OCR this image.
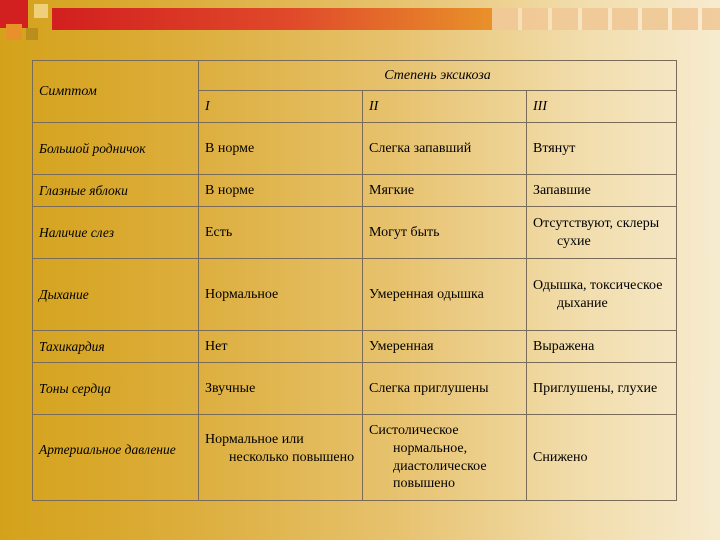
Симптом	Степень эксикоза		
	I	II	III
Большой родничок	В норме	Слегка запавший	Втянут
Глазные яблоки	В норме	Мягкие	Запавшие
Наличие слез	Есть	Могут быть	Отсутствуют, склеры сухие
Дыхание	Нормальное	Умеренная одышка	Одышка, токсическое дыхание
Тахикардия	Нет	Умеренная	Выражена
Тоны сердца	Звучные	Слегка приглушены	Приглушены, глухие
Артериальное давление	Нормальное или несколько повышено	Систолическое нормальное, диастолическое повышено	Снижено
